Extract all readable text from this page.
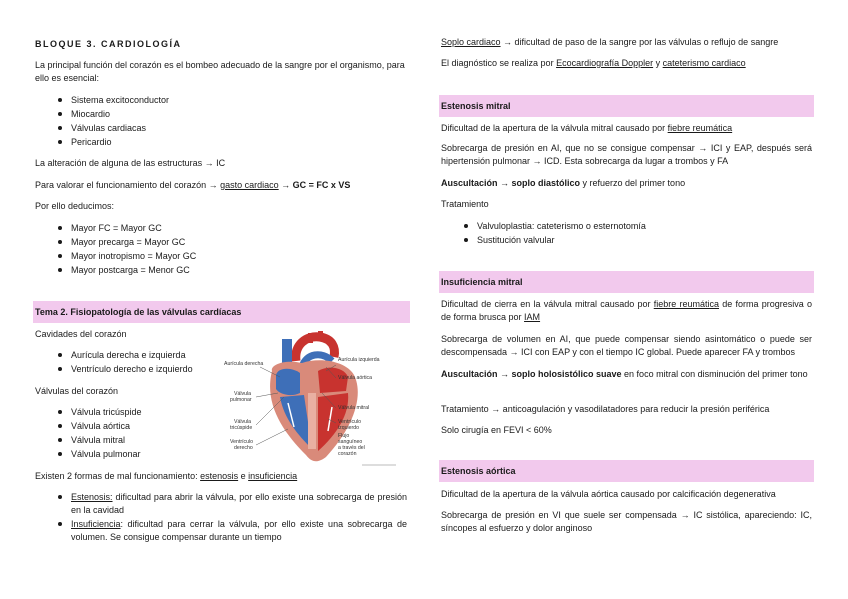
BLOQUE 3. CARDIOLOGÍA

La principal función del corazón es el bombeo adecuado de la sangre por el organismo, para ello es esencial:

Sistema excitoconductor
Miocardio
Válvulas cardiacas
Pericardio

La alteración de alguna de las estructuras → IC

Para valorar el funcionamiento del corazón → gasto cardiaco → GC = FC x VS

Por ello deducimos:

Mayor FC = Mayor GC
Mayor precarga = Mayor GC
Mayor inotropismo = Mayor GC
Mayor postcarga = Menor GC
Tema 2. Fisiopatología de las válvulas cardíacas

Cavidades del corazón

Aurícula derecha e izquierda
Ventrículo derecho e izquierdo

Válvulas del corazón

Válvula tricúspide
Válvula aórtica
Válvula mitral
Válvula pulmonar

Existen 2 formas de mal funcionamiento: estenosis e insuficiencia

Estenosis: dificultad para abrir la válvula, por ello existe una sobrecarga de presión en la cavidad
Insuficiencia: dificultad para cerrar la válvula, por ello existe una sobrecarga de volumen. Se consigue compensar durante un tiempo
Aurícula derecha
Aurícula izquierda
Válvula aórtica
Válvula
pulmonar
Válvula mitral
Válvula
tricúspide
Ventrículo
izquierdo
Ventrículo
derecho
Flujo
sanguíneo
a través del
corazón

Soplo cardiaco → dificultad de paso de la sangre por las válvulas o reflujo de sangre

El diagnóstico se realiza por Ecocardiografía Doppler y cateterismo cardiaco

Estenosis mitral

Dificultad de la apertura de la válvula mitral causado por fiebre reumática

Sobrecarga de presión en AI, que no se consigue compensar → ICI y EAP, después será hipertensión pulmonar → ICD. Esta sobrecarga da lugar a trombos y FA

Auscultación → soplo diastólico y refuerzo del primer tono

Tratamiento

Valvuloplastia: cateterismo o esternotomía
Sustitución valvular
Insuficiencia mitral

Dificultad de cierra en la válvula mitral causado por fiebre reumática de forma progresiva o de forma brusca por IAM

Sobrecarga de volumen en AI, que puede compensar siendo asintomático o puede ser descompensada → ICI con EAP y con el tiempo IC global. Puede aparecer FA y trombos

Auscultación → soplo holosistólico suave en foco mitral con disminución del primer tono

Tratamiento → anticoagulación y vasodilatadores para reducir la presión periférica

Solo cirugía en FEVI < 60%

Estenosis aórtica

Dificultad de la apertura de la válvula aórtica causado por calcificación degenerativa

Sobrecarga de presión en VI que suele ser compensada → IC sistólica, apareciendo: IC, síncopes al esfuerzo y dolor anginoso
